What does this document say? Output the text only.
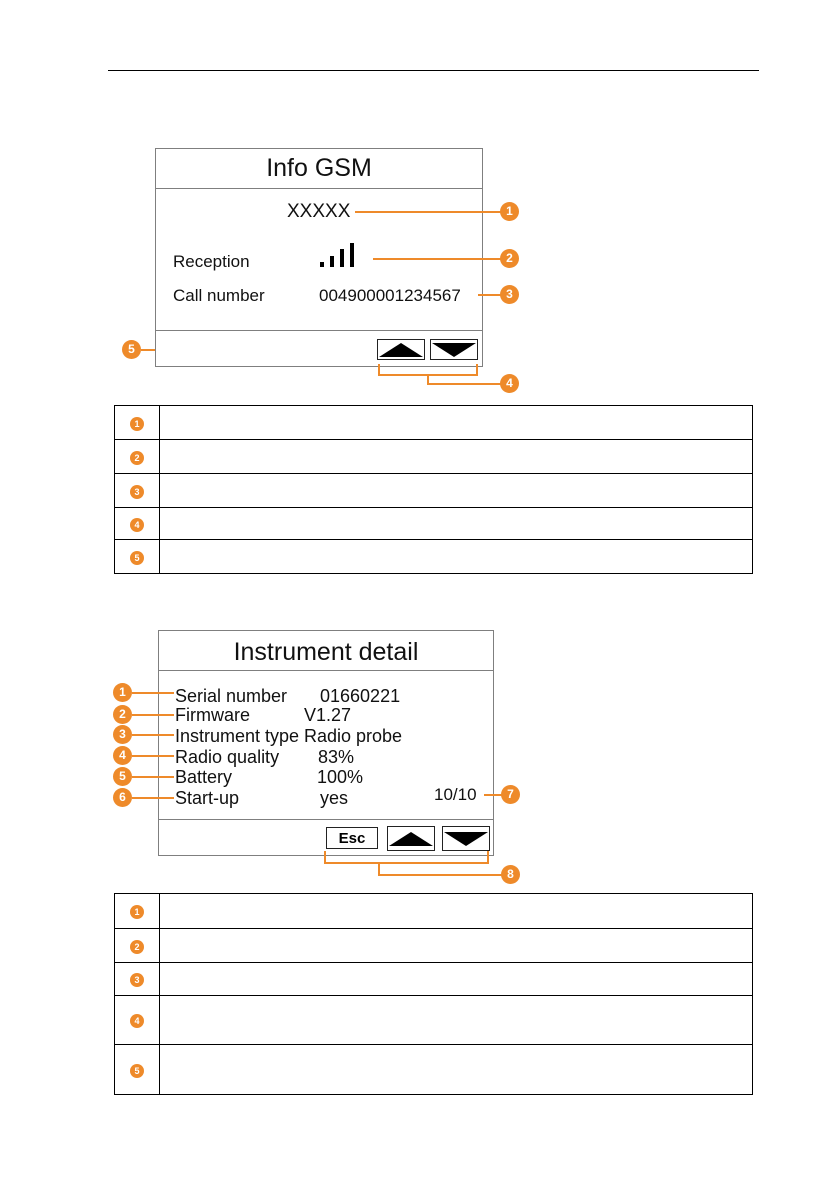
Info GSM
XXXXX
Reception
Call number	004900001234567
1
2
3
4
5
1	
2	
3	
4	
5	
Instrument detail
Serial number 01660221
Firmware	V1.27
Instrument type Radio probe
Radio quality 83%
Battery	100%
Start-up	yes	10/10
Esc
1
2
3
4
5
6	7
8
1	
2	
3	
4	
5	
